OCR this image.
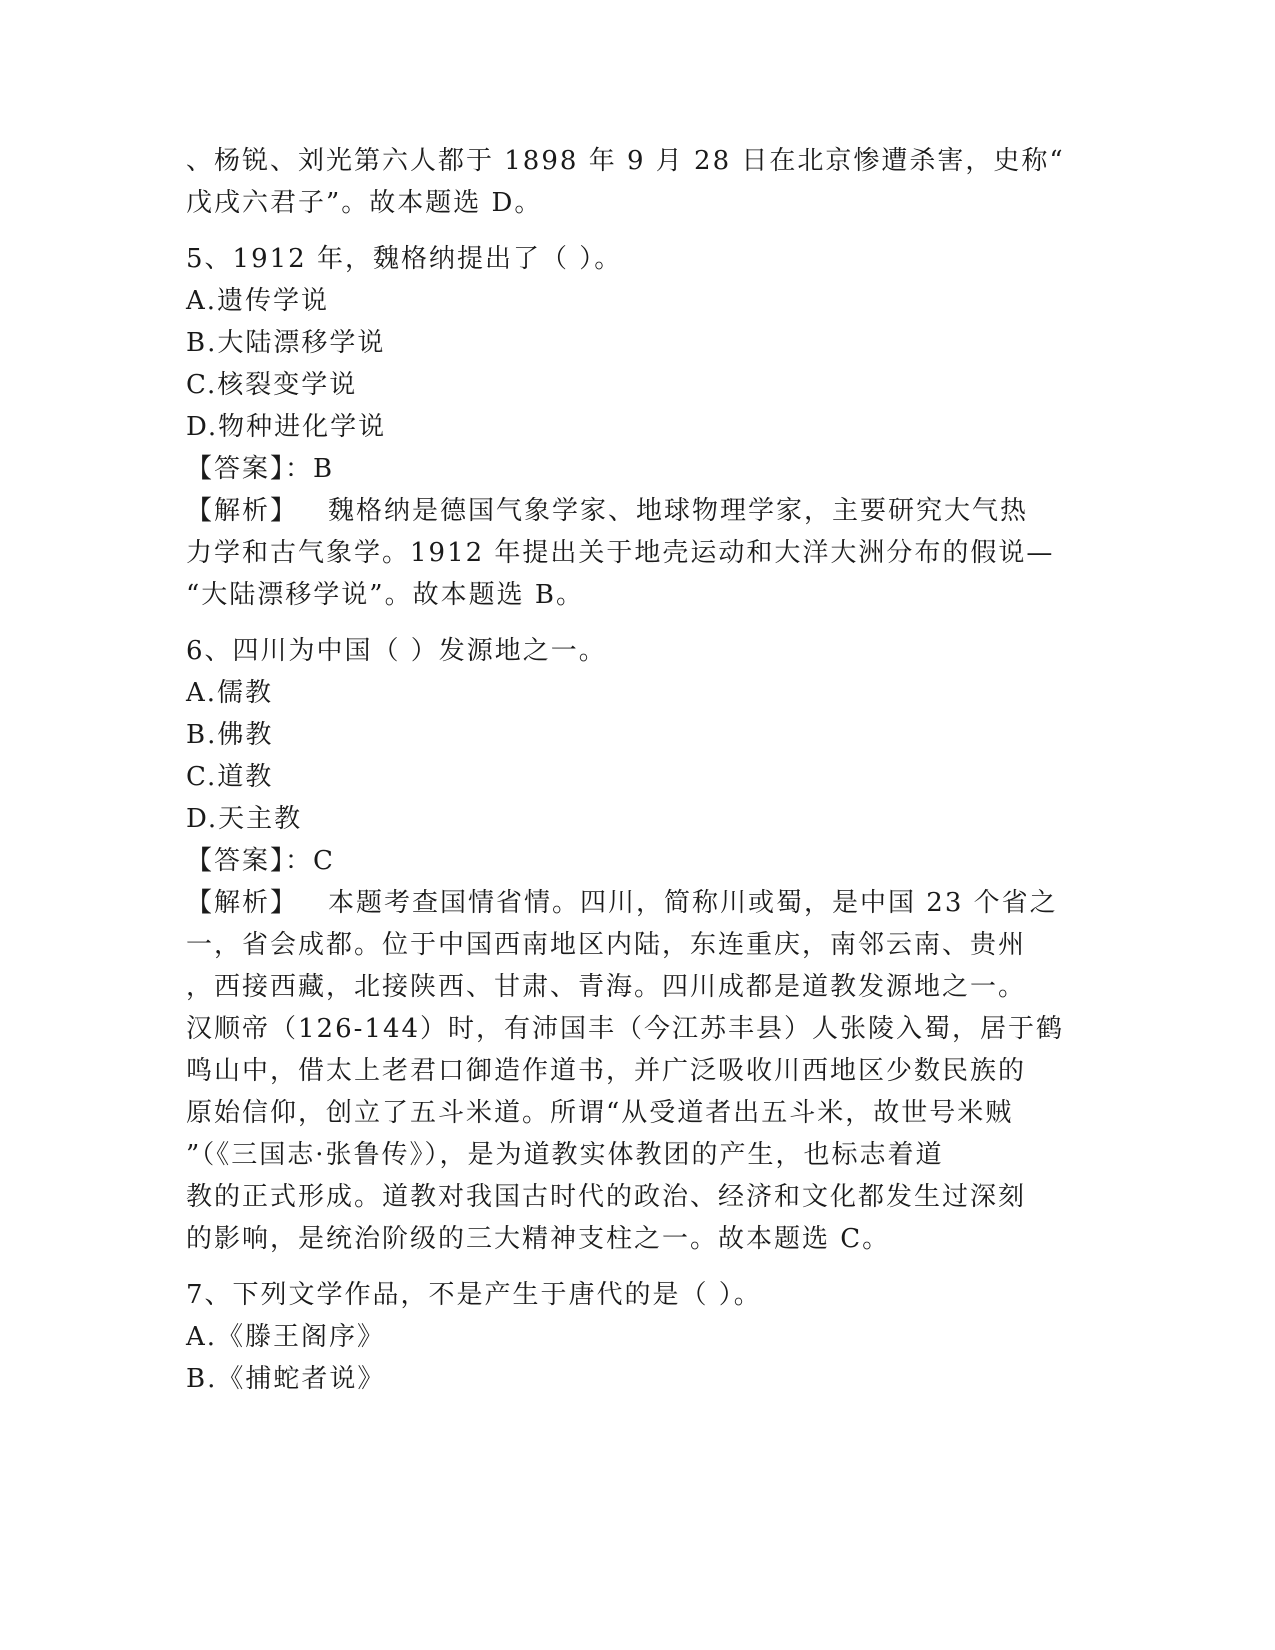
、杨锐、刘光第六人都于 1898 年 9 月 28 日在北京惨遭杀害，史称“
戊戌六君子”。故本题选 D。
5、1912 年，魏格纳提出了（ ）。
A.遗传学说
B.大陆漂移学说
C.核裂变学说
D.物种进化学说
【答案】：B
【解析】 魏格纳是德国气象学家、地球物理学家，主要研究大气热
力学和古气象学。1912 年提出关于地壳运动和大洋大洲分布的假说—
“大陆漂移学说”。故本题选 B。
6、四川为中国（ ）发源地之一。
A.儒教
B.佛教
C.道教
D.天主教
【答案】：C
【解析】 本题考查国情省情。四川，简称川或蜀，是中国 23 个省之
一，省会成都。位于中国西南地区内陆，东连重庆，南邻云南、贵州
，西接西藏，北接陕西、甘肃、青海。四川成都是道教发源地之一。
汉顺帝（126-144）时，有沛国丰（今江苏丰县）人张陵入蜀，居于鹤
鸣山中，借太上老君口御造作道书，并广泛吸收川西地区少数民族的
原始信仰，创立了五斗米道。所谓“从受道者出五斗米，故世号米贼
”（《三国志·张鲁传》），是为道教实体教团的产生，也标志着道
教的正式形成。道教对我国古时代的政治、经济和文化都发生过深刻
的影响，是统治阶级的三大精神支柱之一。故本题选 C。
7、下列文学作品，不是产生于唐代的是（ ）。
A.《滕王阁序》
B.《捕蛇者说》
